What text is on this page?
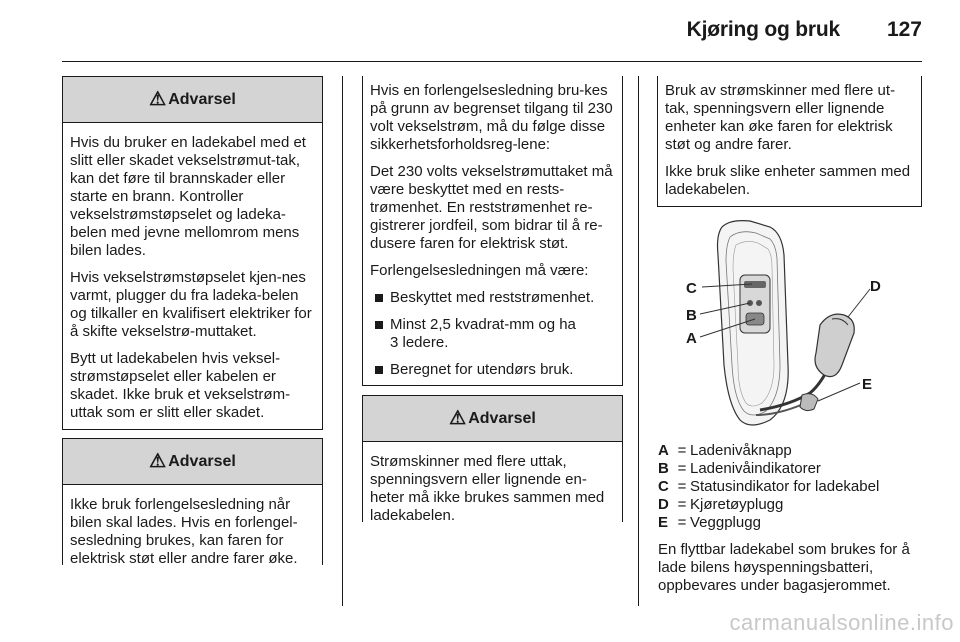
Kjøring og bruk 127
⚠ Advarsel

Hvis du bruker en ladekabel med et slitt eller skadet vekselstrømut-tak, kan det føre til brannskader eller starte en brann. Kontroller vekselstrømstøpselet og ladeka-belen med jevne mellomrom mens bilen lades.

Hvis vekselstrømstøpselet kjen-nes varmt, plugger du fra ladeka-belen og tilkaller en kvalifisert elektriker for å skifte vekselstrø-muttaket.

Bytt ut ladekabelen hvis veksel-strømstøpselet eller kabelen er skadet. Ikke bruk et vekselstrøm-uttak som er slitt eller skadet.

⚠ Advarsel

Ikke bruk forlengelsesledning når bilen skal lades. Hvis en forlengel-sesledning brukes, kan faren for elektrisk støt eller andre farer øke.

Hvis en forlengelsesledning bru-kes på grunn av begrenset tilgang til 230 volt vekselstrøm, må du følge disse sikkerhetsforholdsreg-lene:

Det 230 volts vekselstrømuttaket må være beskyttet med en rests-trømenhet. En reststrømenhet re-gistrerer jordfeil, som bidrar til å re-dusere faren for elektrisk støt.

Forlengelsesledningen må være:

Beskyttet med reststrømenhet.
Minst 2,5 kvadrat-mm og ha 3 ledere.
Beregnet for utendørs bruk.
⚠ Advarsel

Strømskinner med flere uttak, spenningsvern eller lignende en-heter må ikke brukes sammen med ladekabelen.

Bruk av strømskinner med flere ut-tak, spenningsvern eller lignende enheter kan øke faren for elektrisk støt og andre farer.

Ikke bruk slike enheter sammen med ladekabelen.

C
B
A
D
E
A = Ladenivåknapp
B = Ladenivåindikatorer
C = Statusindikator for ladekabel
D = Kjøretøyplugg
E = Veggplugg

En flyttbar ladekabel som brukes for å lade bilens høyspenningsbatteri, oppbevares under bagasjerommet.

carmanualsonline.info
